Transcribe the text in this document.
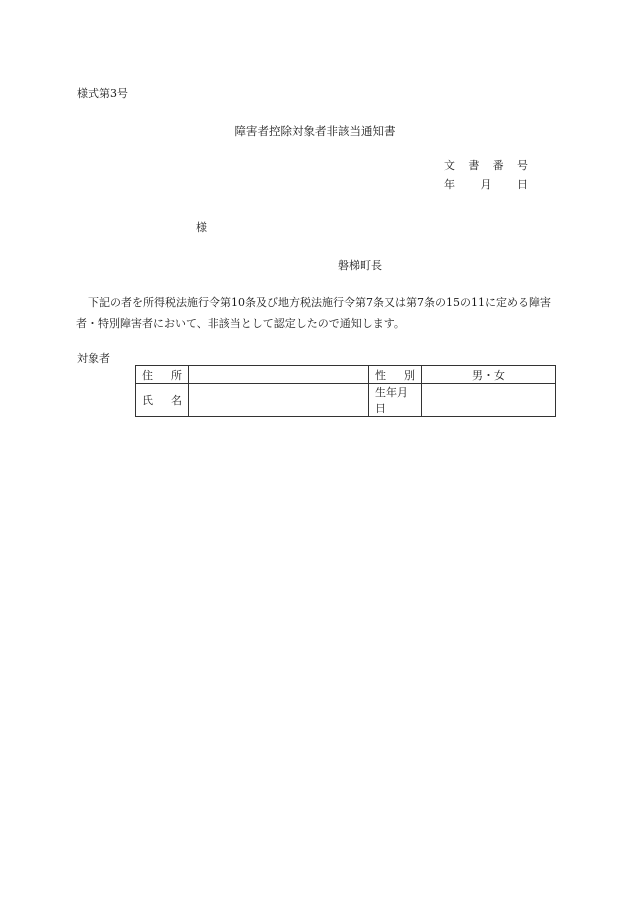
様式第3号
障害者控除対象者非該当通知書
文 書 番 号
年 月 日
様
磐梯町長
下記の者を所得税法施行令第10条及び地方税法施行令第7条又は第7条の15の11に定める障害者・特別障害者において、非該当として認定したので通知します。
対象者
住 所		性 別	男・女

氏 名		生年月日	
